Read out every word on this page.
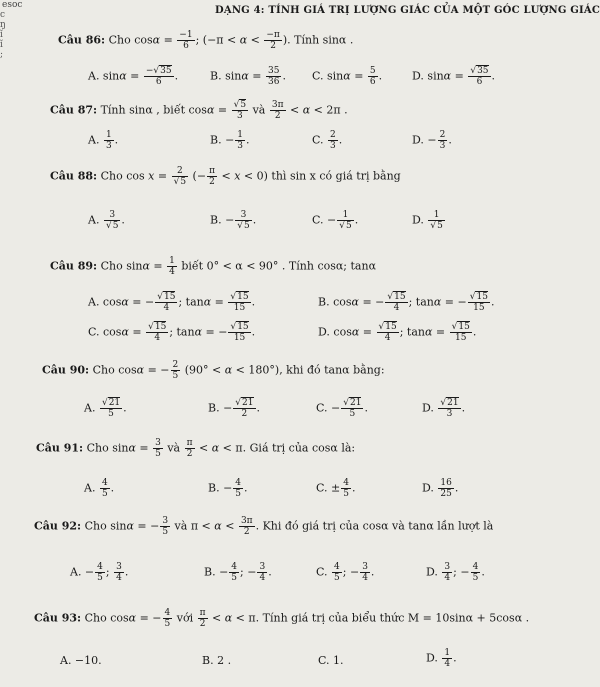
esoc
c
ŋ
ǐ
ǐ
;
DẠNG 4: TÍNH GIÁ TRỊ LƯỢNG GIÁC CỦA MỘT GÓC LƯỢNG GIÁC
Câu 86: Cho $\cos\alpha = \frac{-1}{6}$ ; ($-\pi < \alpha < \frac{-\pi}{2}$ ). Tính sinα .
A. $\sin\alpha = \frac{- √ 35}{6}$ .	B. $\sin\alpha = \frac{35}{36}$ . C. $\sin\alpha = \frac{5}{6}$ .	D. sinα = √ $\frac{35}{6}$ .
Câu 87: Tính sinα , biết cosα = √ $\frac{5}{3}$ và $\frac{3\pi}{2} < \alpha < 2\pi$ .
A. $\frac{1}{3}$ .	B. − $\frac{1}{3}$ .	C. $\frac{2}{3}$ .	D. − $\frac{2}{3}$ .
Câu 88: Cho cos x = 2
√ 5 (− $\frac{\pi}{2} < x < 0$) thì sin x có giá trị bằng
A. 3
√ 5 .	B. − 3
√ 5 .	C. − 1
√ 5 .	D. 1
√ 5
Câu 89: Cho $\sin\alpha = \frac{1}{4}$ biết 0° < α < 90° . Tính cosα; tanα
A. cosα = − √ $\frac{15}{4}$ ; tanα = √ $\frac{15}{15}$ .	B. cosα = − √ $\frac{15}{4}$ ; tanα = − √ $\frac{15}{15}$ .
C. cosα = √ $\frac{15}{4}$ ; tanα = − √ $\frac{15}{15}$ .	D. cosα = √ $\frac{15}{4}$ ; tanα = √ $\frac{15}{15}$ .
Câu 90: Cho cosα = − $\frac{2}{5} (90^\circ < \alpha < 180^\circ)$, khi đó tanα bằng:
A. √ $\frac{21}{5}$ .	B. − √ $\frac{21}{2}$ .	C. − √ $\frac{21}{5}$ .	D. √ $\frac{21}{3}$ .
Câu 91: Cho $\sin\alpha = \frac{3}{5}$ và $\frac{\pi}{2} < \alpha < \pi$. Giá trị của cosα là:
A. $\frac{4}{5}$ .	B. − $\frac{4}{5}$ .	C. ± $\frac{4}{5}$ .	D. $\frac{16}{25}$ .
Câu 92: Cho sinα = − $\frac{3}{5}$ và $\pi < \alpha < \frac{3\pi}{2}$ . Khi đó giá trị của cosα và tanα lần lượt là
A. − $\frac{4}{5}$ ; $\frac{3}{4}$ .	B. − $\frac{4}{5}$ ; − $\frac{3}{4}$ .	C. $\frac{4}{5}$ ; − $\frac{3}{4}$ .	D. $\frac{3}{4}$ ; − $\frac{4}{5}$ .
Câu 93: Cho cosα = − $\frac{4}{5}$ với $\frac{\pi}{2} < \alpha < \pi$. Tính giá trị của biểu thức M = 10sinα + 5cosα .
A. −10.	B. 2 .	C. 1.	D. $\frac{1}{4}$ .
